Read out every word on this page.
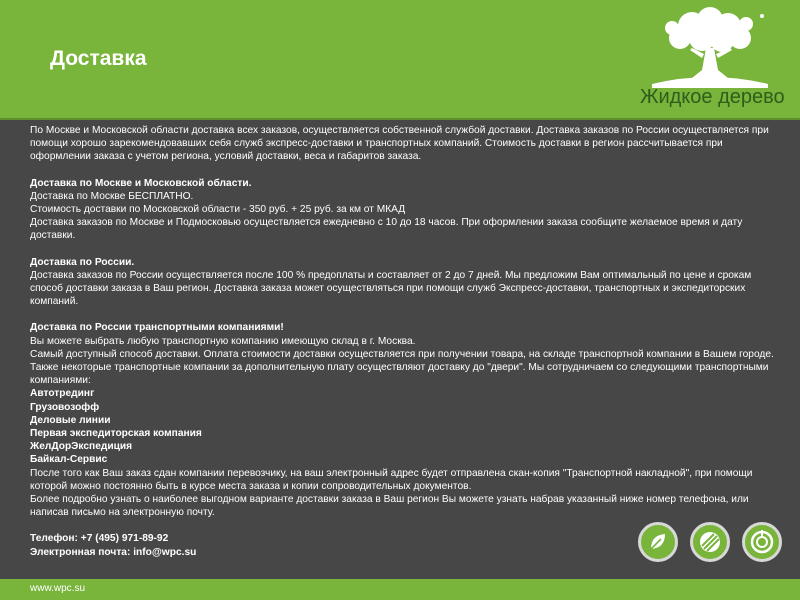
Доставка
Жидкое дерево

По Москве и Московской области доставка всех заказов, осуществляется собственной службой доставки. Доставка заказов по России осуществляется при помощи хорошо зарекомендовавших себя служб экспресс-доставки и транспортных компаний. Стоимость доставки в регион рассчитывается при оформлении заказа с учетом региона, условий доставки, веса и габаритов заказа.

Доставка по Москве и Московской области.

Доставка по Москве БЕСПЛАТНО.

Стоимость доставки по Московской области - 350 руб. + 25 руб. за км от МКАД

Доставка заказов по Москве и Подмосковью осуществляется ежедневно с 10 до 18 часов. При оформлении заказа сообщите желаемое время и дату доставки.

Доставка по России.

Доставка заказов по России осуществляется после 100 % предоплаты и составляет от 2 до 7 дней. Мы предложим Вам оптимальный по цене и срокам способ доставки заказа в Ваш регион. Доставка заказа может осуществляться при помощи служб Экспресс-доставки, транспортных и экспедиторских компаний.

Доставка по России транспортными компаниями!

Вы можете выбрать любую транспортную компанию имеющую склад в г. Москва.

Самый доступный способ доставки. Оплата стоимости доставки осуществляется при получении товара, на складе транспортной компании в Вашем городе. Также некоторые транспортные компании за дополнительную плату осуществляют доставку до "двери". Мы сотрудничаем со следующими транспортными компаниями:

Автотрединг

Грузовозофф

Деловые линии

Первая экспедиторская компания

ЖелДорЭкспедиция

Байкал-Сервис

После того как Ваш заказ сдан компании перевозчику, на ваш электронный адрес будет отправлена скан-копия "Транспортной накладной", при помощи которой можно постоянно быть в курсе места заказа и копии сопроводительных документов.

Более подробно узнать о наиболее выгодном варианте доставки заказа в Ваш регион Вы можете узнать набрав указанный ниже номер телефона, или написав письмо на электронную почту.

Телефон: +7 (495) 971-89-92

Электронная почта: info@wpc.su

www.wpc.su
